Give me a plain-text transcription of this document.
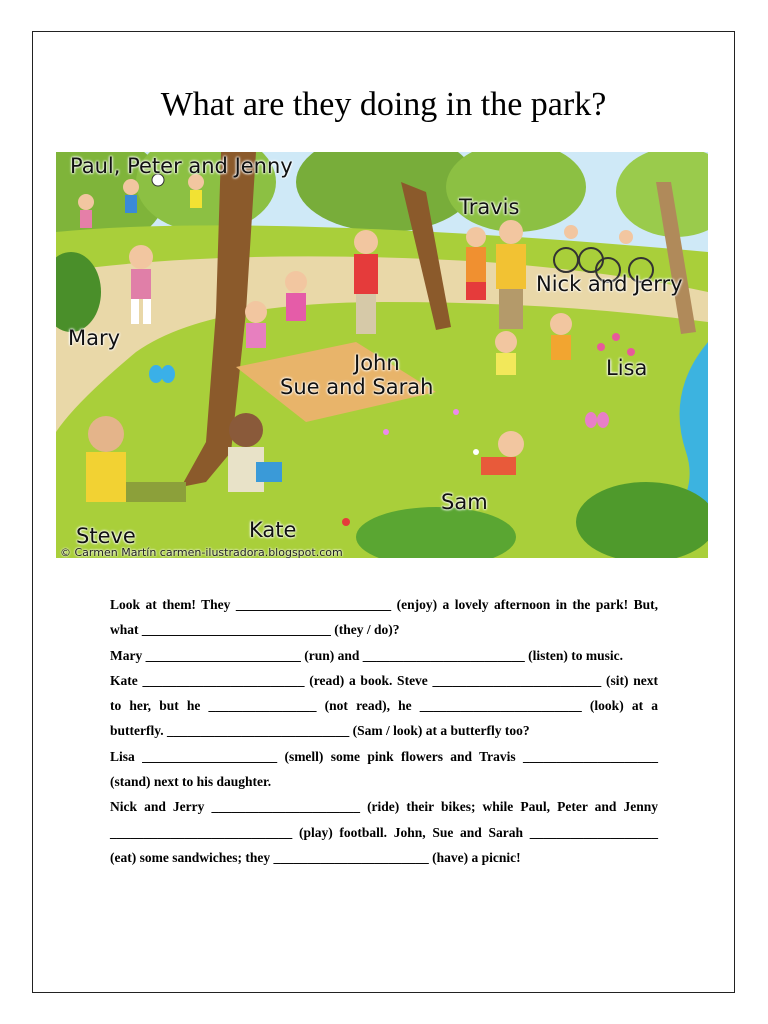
What are they doing in the park?
Paul, Peter and Jenny
Travis
Nick and Jerry
Mary
John
Sue and Sarah
Lisa
Sam
Steve	Kate
© Carmen Martín carmen-ilustradora.blogspot.com

Look at them! They _______________________ (enjoy) a lovely afternoon in the park! But, what ____________________________ (they / do)?

Mary _______________________ (run) and ________________________ (listen) to music.

Kate ________________________ (read) a book. Steve _________________________ (sit) next to her, but he ________________ (not read), he ________________________ (look) at a butterfly. ___________________________ (Sam / look) at a butterfly too?

Lisa ____________________ (smell) some pink flowers and Travis ____________________ (stand) next to his daughter.

Nick and Jerry ______________________ (ride) their bikes; while Paul, Peter and Jenny ___________________________ (play) football. John, Sue and Sarah ___________________ (eat) some sandwiches; they _______________________ (have) a picnic!
